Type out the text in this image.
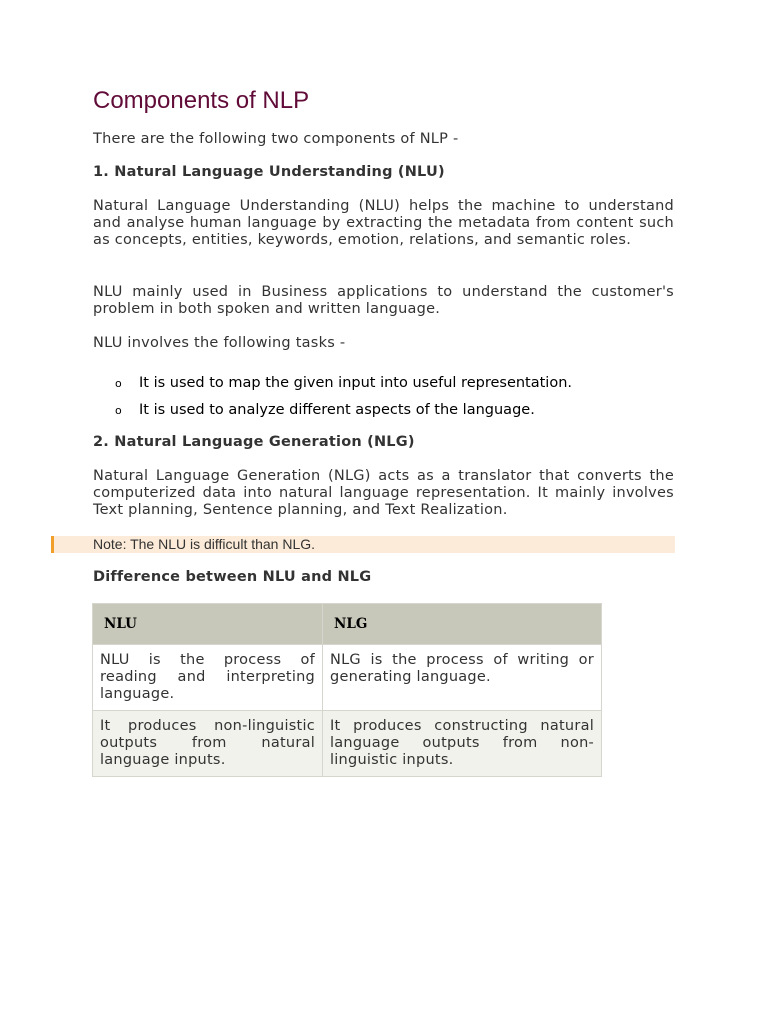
Components of NLP

There are the following two components of NLP -

1. Natural Language Understanding (NLU)

Natural Language Understanding (NLU) helps the machine to understand and analyse human language by extracting the metadata from content such as concepts, entities, keywords, emotion, relations, and semantic roles.

NLU mainly used in Business applications to understand the customer's problem in both spoken and written language.

NLU involves the following tasks -

o It is used to map the given input into useful representation.
o It is used to analyze different aspects of the language.

2. Natural Language Generation (NLG)

Natural Language Generation (NLG) acts as a translator that converts the computerized data into natural language representation. It mainly involves Text planning, Sentence planning, and Text Realization.

Difference between NLU and NLG

Note: The NLU is difficult than NLG.
NLU	NLG
NLU is the process of reading and interpreting language.	NLG is the process of writing or generating language.
It produces non-linguistic outputs from natural language inputs.	It produces constructing natural language outputs from non-linguistic inputs.
